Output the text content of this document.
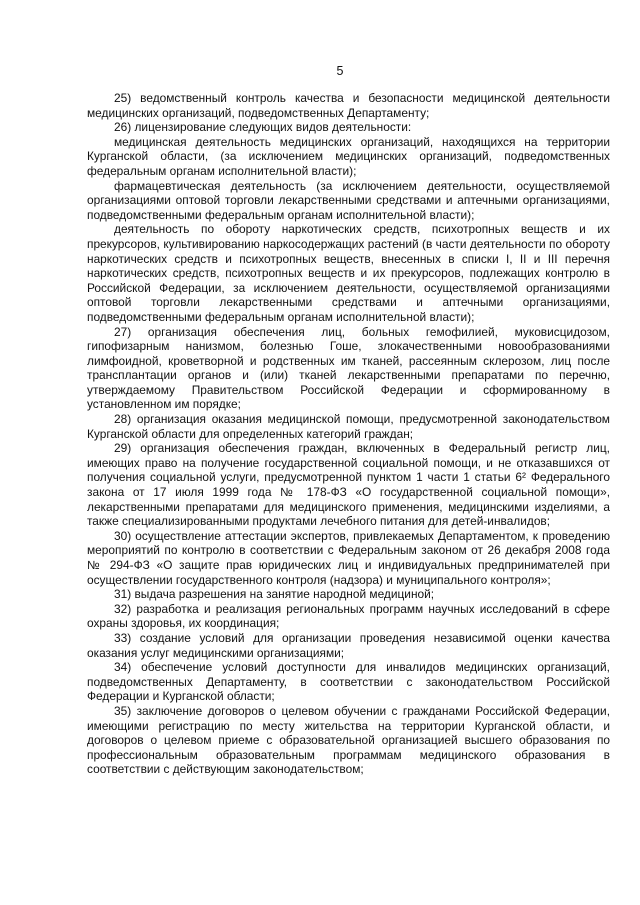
5

25) ведомственный контроль качества и безопасности медицинской деятельности медицинских организаций, подведомственных Департаменту;

26) лицензирование следующих видов деятельности:

медицинская деятельность медицинских организаций, находящихся на территории Курганской области, (за исключением медицинских организаций, подведомственных федеральным органам исполнительной власти);

фармацевтическая деятельность (за исключением деятельности, осуществляемой организациями оптовой торговли лекарственными средствами и аптечными организациями, подведомственными федеральным органам исполнительной власти);

деятельность по обороту наркотических средств, психотропных веществ и их прекурсоров, культивированию наркосодержащих растений (в части деятельности по обороту наркотических средств и психотропных веществ, внесенных в списки I, II и III перечня наркотических средств, психотропных веществ и их прекурсоров, подлежащих контролю в Российской Федерации, за исключением деятельности, осуществляемой организациями оптовой торговли лекарственными средствами и аптечными организациями, подведомственными федеральным органам исполнительной власти);

27) организация обеспечения лиц, больных гемофилией, муковисцидозом, гипофизарным нанизмом, болезнью Гоше, злокачественными новообразованиями лимфоидной, кроветворной и родственных им тканей, рассеянным склерозом, лиц после трансплантации органов и (или) тканей лекарственными препаратами по перечню, утверждаемому Правительством Российской Федерации и сформированному в установленном им порядке;

28) организация оказания медицинской помощи, предусмотренной законодательством Курганской области для определенных категорий граждан;

29) организация обеспечения граждан, включенных в Федеральный регистр лиц, имеющих право на получение государственной социальной помощи, и не отказавшихся от получения социальной услуги, предусмотренной пунктом 1 части 1 статьи 6² Федерального закона от 17 июля 1999 года № 178-ФЗ «О государственной социальной помощи», лекарственными препаратами для медицинского применения, медицинскими изделиями, а также специализированными продуктами лечебного питания для детей-инвалидов;

30) осуществление аттестации экспертов, привлекаемых Департаментом, к проведению мероприятий по контролю в соответствии с Федеральным законом от 26 декабря 2008 года № 294-ФЗ «О защите прав юридических лиц и индивидуальных предпринимателей при осуществлении государственного контроля (надзора) и муниципального контроля»;

31) выдача разрешения на занятие народной медициной;

32) разработка и реализация региональных программ научных исследований в сфере охраны здоровья, их координация;

33) создание условий для организации проведения независимой оценки качества оказания услуг медицинскими организациями;

34) обеспечение условий доступности для инвалидов медицинских организаций, подведомственных Департаменту, в соответствии с законодательством Российской Федерации и Курганской области;

35) заключение договоров о целевом обучении с гражданами Российской Федерации, имеющими регистрацию по месту жительства на территории Курганской области, и договоров о целевом приеме с образовательной организацией высшего образования по профессиональным образовательным программам медицинского образования в соответствии с действующим законодательством;
